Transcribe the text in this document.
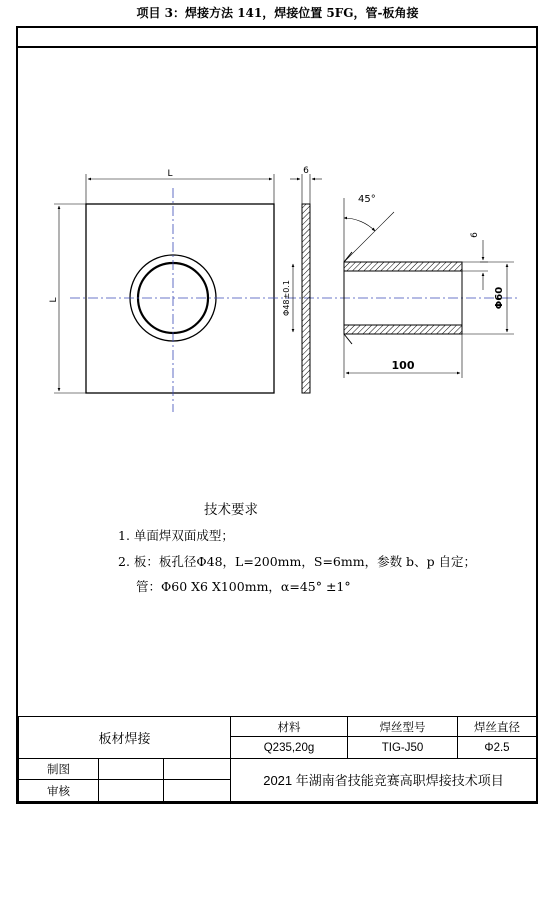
项目 3：焊接方法 141，焊接位置 5FG，管-板角接
L
L
6
Φ48±0.1
45°
6
Φ60
100
技术要求
1. 单面焊双面成型；
2. 板：板孔径Φ48，L=200mm，S=6mm，参数 b、p 自定；
管：Φ60 X6 X100mm，α=45° ±1°
板材焊接			材料	焊丝型号	焊丝直径
			Q235,20g	TIG-J50	Φ2.5
制图			2021 年湖南省技能竞赛高职焊接技术项目		
审核					
